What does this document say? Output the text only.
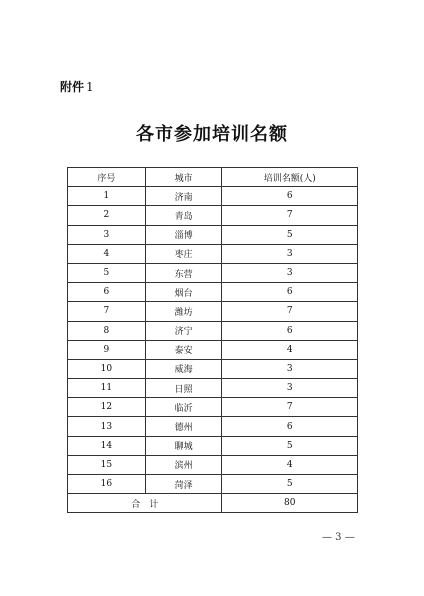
附件 1
各市参加培训名额
序号	城市	培训名额(人)
1	济南	6
2	青岛	7
3	淄博	5
4	枣庄	3
5	东营	3
6	烟台	6
7	潍坊	7
8	济宁	6
9	泰安	4
10	威海	3
11	日照	3
12	临沂	7
13	德州	6
14	聊城	5
15	滨州	4
16	菏泽	5
合　计		80
— 3 —
